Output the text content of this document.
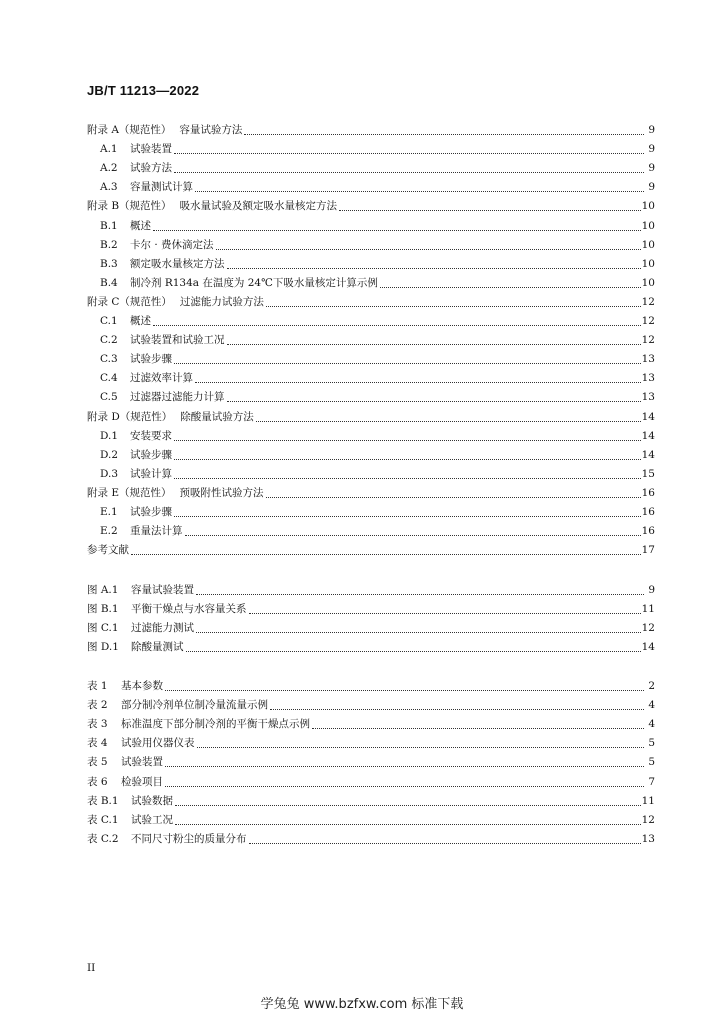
JB/T 11213—2022
附录 A（规范性） 容量试验方法	9
A.1 试验装置	9
A.2 试验方法	9
A.3 容量测试计算	9
附录 B（规范性） 吸水量试验及额定吸水量核定方法	10
B.1 概述	10
B.2 卡尔 · 费休滴定法	10
B.3 额定吸水量核定方法	10
B.4 制冷剂 R134a 在温度为 24℃下吸水量核定计算示例	10
附录 C（规范性） 过滤能力试验方法	12
C.1 概述	12
C.2 试验装置和试验工况	12
C.3 试验步骤	13
C.4 过滤效率计算	13
C.5 过滤器过滤能力计算	13
附录 D（规范性） 除酸量试验方法	14
D.1 安装要求	14
D.2 试验步骤	14
D.3 试验计算	15
附录 E（规范性） 预吸附性试验方法	16
E.1 试验步骤	16
E.2 重量法计算	16
参考文献	17
图 A.1 容量试验装置	9
图 B.1 平衡干燥点与水容量关系	11
图 C.1 过滤能力测试	12
图 D.1 除酸量测试	14
表 1 基本参数	2
表 2 部分制冷剂单位制冷量流量示例	4
表 3 标准温度下部分制冷剂的平衡干燥点示例	4
表 4 试验用仪器仪表	5
表 5 试验装置	5
表 6 检验项目	7
表 B.1 试验数据	11
表 C.1 试验工况	12
表 C.2 不同尺寸粉尘的质量分布	13
II
学兔兔 www.bzfxw.com 标准下载
